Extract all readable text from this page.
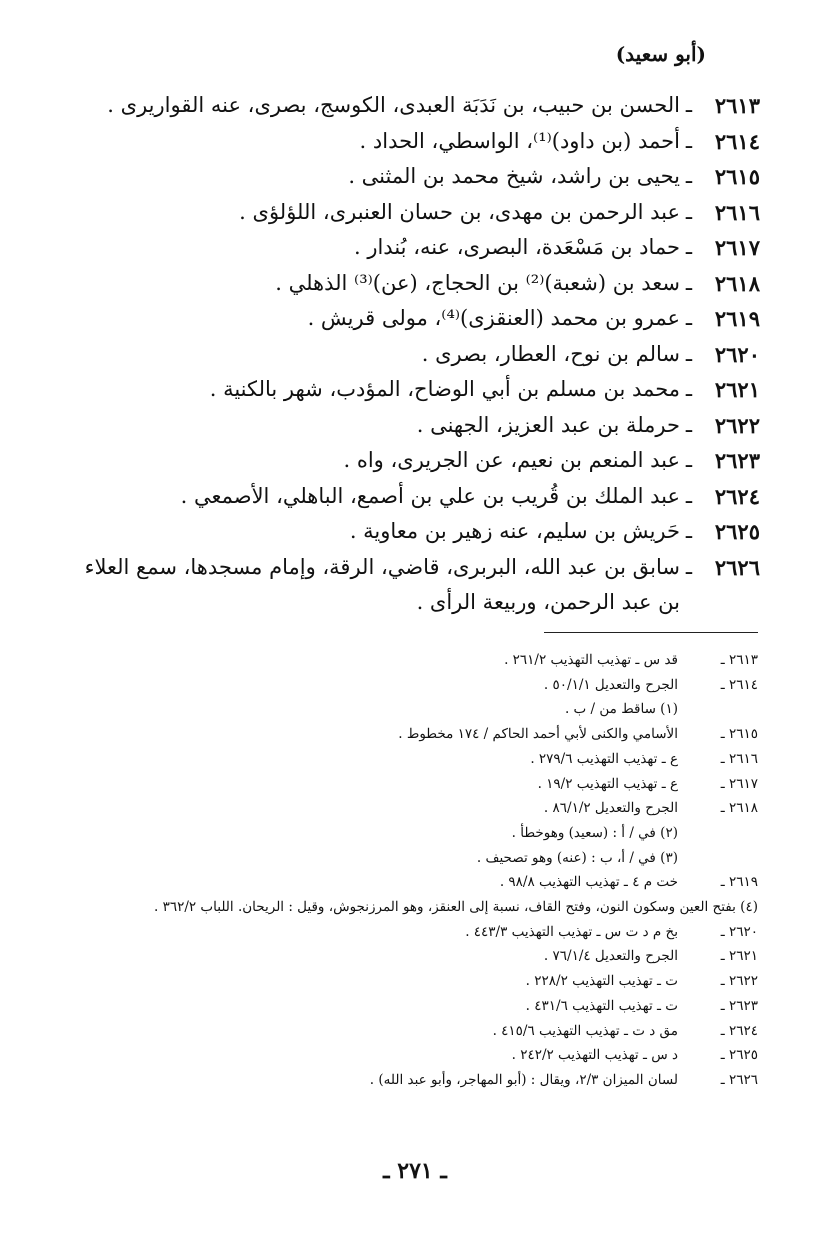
(أبو سعيد)
٢٦١٣
ـ
الحسن بن حبيب، بن نَدَبَة العبدى، الكوسج، بصرى، عنه القواريرى .
٢٦١٤
ـ
أحمد (بن داود)⁽¹⁾، الواسطي، الحداد .
٢٦١٥
ـ
يحيى بن راشد، شيخ محمد بن المثنى .
٢٦١٦
ـ
عبد الرحمن بن مهدى، بن حسان العنبرى، اللؤلؤى .
٢٦١٧
ـ
حماد بن مَسْعَدة، البصرى، عنه، بُندار .
٢٦١٨
ـ
سعد بن (شعبة)⁽²⁾ بن الحجاج، (عن)⁽³⁾ الذهلي .
٢٦١٩
ـ
عمرو بن محمد (العنقزى)⁽⁴⁾، مولى قريش .
٢٦٢٠
ـ
سالم بن نوح، العطار، بصرى .
٢٦٢١
ـ
محمد بن مسلم بن أبي الوضاح، المؤدب، شهر بالكنية .
٢٦٢٢
ـ
حرملة بن عبد العزيز، الجهنى .
٢٦٢٣
ـ
عبد المنعم بن نعيم، عن الجريرى، واه .
٢٦٢٤
ـ
عبد الملك بن قُريب بن علي بن أصمع، الباهلي، الأصمعي .
٢٦٢٥
ـ
حَريش بن سليم، عنه زهير بن معاوية .
٢٦٢٦
ـ
سابق بن عبد الله، البربرى، قاضي، الرقة، وإمام مسجدها، سمع العلاء بن عبد الرحمن، وربيعة الرأى .
٢٦١٣ ـ
قد س ـ تهذيب التهذيب ٢٦١/٢ .
٢٦١٤ ـ
الجرح والتعديل ٥٠/١/١ .
(١) ساقط من / ب .
٢٦١٥ ـ
الأسامي والكنى لأبي أحمد الحاكم / ١٧٤ مخطوط .
٢٦١٦ ـ
ع ـ تهذيب التهذيب ٢٧٩/٦ .
٢٦١٧ ـ
ع ـ تهذيب التهذيب ١٩/٢ .
٢٦١٨ ـ
الجرح والتعديل ٨٦/١/٢ .
(٢) في / أ : (سعيد) وهوخطأ .
(٣) في / أ، ب : (عنه) وهو تصحيف .
٢٦١٩ ـ
خت م ٤ ـ تهذيب التهذيب ٩٨/٨ .
(٤) بفتح العين وسكون النون، وفتح القاف، نسبة إلى العنقز، وهو المرزنجوش، وقيل : الريحان. اللباب ٣٦٢/٢ .
٢٦٢٠ ـ
بخ م د ت س ـ تهذيب التهذيب ٤٤٣/٣ .
٢٦٢١ ـ
الجرح والتعديل ٧٦/١/٤ .
٢٦٢٢ ـ
ت ـ تهذيب التهذيب ٢٢٨/٢ .
٢٦٢٣ ـ
ت ـ تهذيب التهذيب ٤٣١/٦ .
٢٦٢٤ ـ
مق د ت ـ تهذيب التهذيب ٤١٥/٦ .
٢٦٢٥ ـ
د س ـ تهذيب التهذيب ٢٤٢/٢ .
٢٦٢٦ ـ
لسان الميزان ٢/٣، ويقال : (أبو المهاجر، وأبو عبد الله) .
ـ ٢٧١ ـ
